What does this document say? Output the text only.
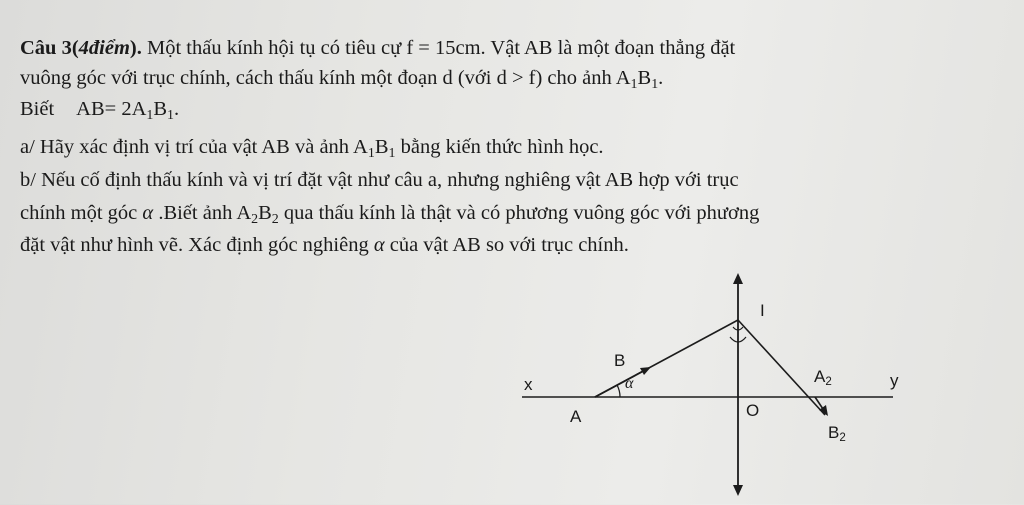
Câu 3(4điểm). Một thấu kính hội tụ có tiêu cự f = 15cm. Vật AB là một đoạn thẳng đặt
vuông góc với trục chính, cách thấu kính một đoạn d (với d > f) cho ảnh $A_1B_1$.
Biết $AB= 2A_1B_1$.
a/ Hãy xác định vị trí của vật AB và ảnh $A_1B_1$ bằng kiến thức hình học.
b/ Nếu cố định thấu kính và vị trí đặt vật như câu a, nhưng nghiêng vật AB hợp với trục
chính một góc α .Biết ảnh $A_2B_2$ qua thấu kính là thật và có phương vuông góc với phương
đặt vật như hình vẽ. Xác định góc nghiêng α của vật AB so với trục chính.
I
B
α
x
A	O
$A_2$	y
$B_2$
